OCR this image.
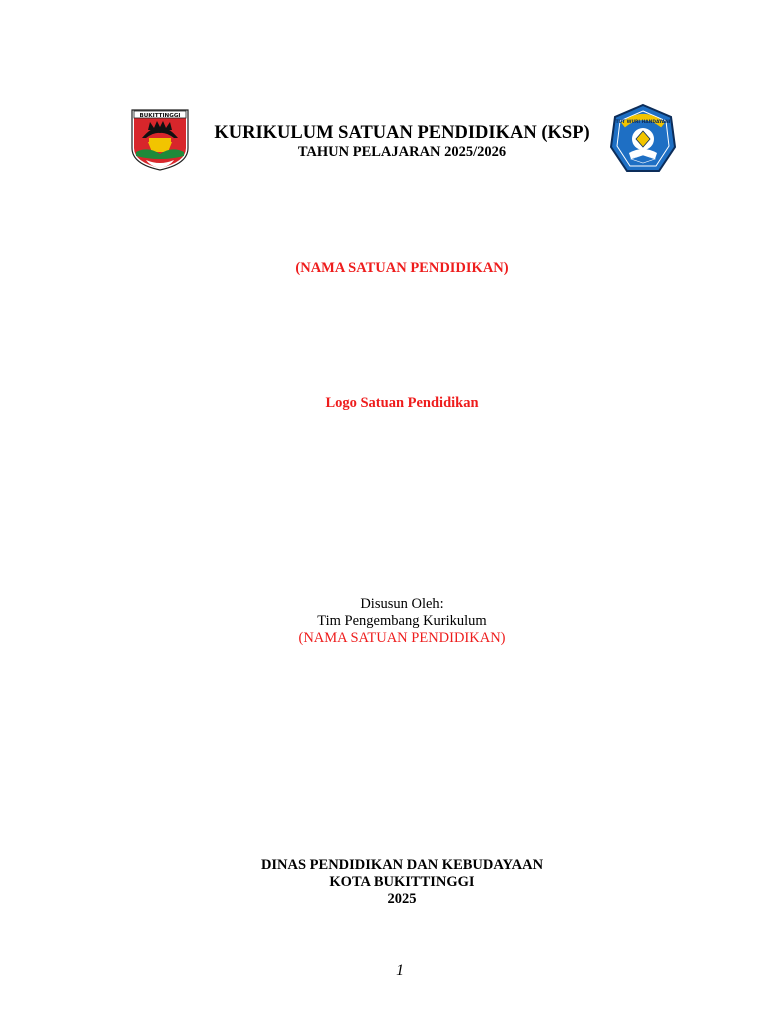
BUKITTINGGI
TUT WURI HANDAYANI
KURIKULUM SATUAN PENDIDIKAN (KSP)
TAHUN PELAJARAN 2025/2026
(NAMA SATUAN PENDIDIKAN)
Logo Satuan Pendidikan
Disusun Oleh:
Tim Pengembang Kurikulum
(NAMA SATUAN PENDIDIKAN)
DINAS PENDIDIKAN DAN KEBUDAYAAN
KOTA BUKITTINGGI
2025
1
